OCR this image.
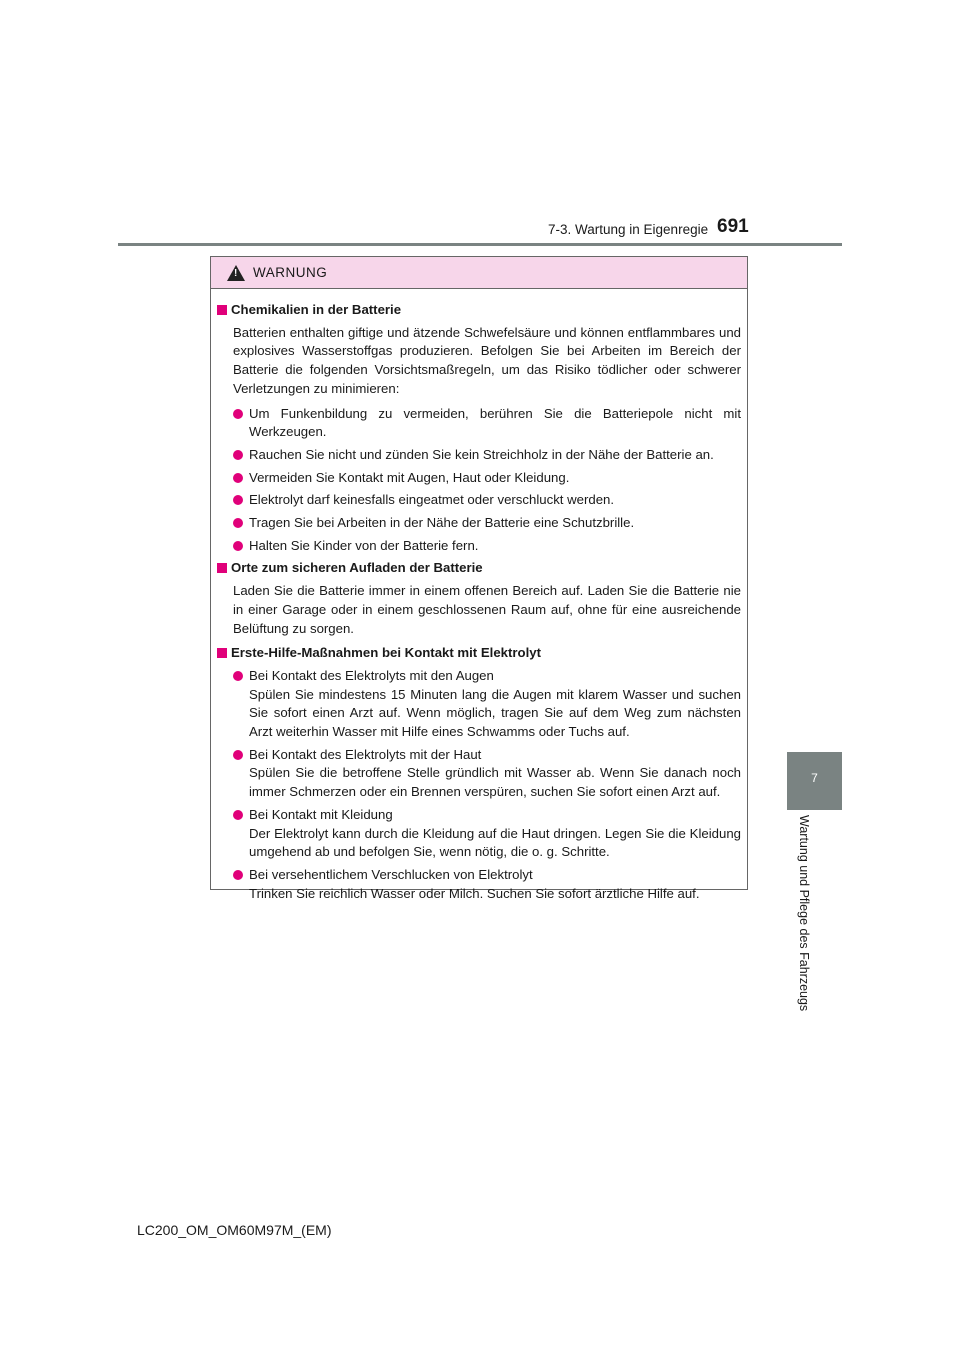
7-3. Wartung in Eigenregie 691
7
Wartung und Pflege des Fahrzeugs
! WARNUNG
Chemikalien in der Batterie
Batterien enthalten giftige und ätzende Schwefelsäure und können entflammbares und explosives Wasserstoffgas produzieren. Befolgen Sie bei Arbeiten im Bereich der Batterie die folgenden Vorsichtsmaßregeln, um das Risiko tödlicher oder schwerer Verletzungen zu minimieren:
Um Funkenbildung zu vermeiden, berühren Sie die Batteriepole nicht mit Werkzeugen.
Rauchen Sie nicht und zünden Sie kein Streichholz in der Nähe der Batterie an.
Vermeiden Sie Kontakt mit Augen, Haut oder Kleidung.
Elektrolyt darf keinesfalls eingeatmet oder verschluckt werden.
Tragen Sie bei Arbeiten in der Nähe der Batterie eine Schutzbrille.
Halten Sie Kinder von der Batterie fern.
Orte zum sicheren Aufladen der Batterie
Laden Sie die Batterie immer in einem offenen Bereich auf. Laden Sie die Batterie nie in einer Garage oder in einem geschlossenen Raum auf, ohne für eine ausreichende Belüftung zu sorgen.
Erste-Hilfe-Maßnahmen bei Kontakt mit Elektrolyt
Bei Kontakt des Elektrolyts mit den Augen
Spülen Sie mindestens 15 Minuten lang die Augen mit klarem Wasser und suchen Sie sofort einen Arzt auf. Wenn möglich, tragen Sie auf dem Weg zum nächsten Arzt weiterhin Wasser mit Hilfe eines Schwamms oder Tuchs auf.
Bei Kontakt des Elektrolyts mit der Haut
Spülen Sie die betroffene Stelle gründlich mit Wasser ab. Wenn Sie danach noch immer Schmerzen oder ein Brennen verspüren, suchen Sie sofort einen Arzt auf.
Bei Kontakt mit Kleidung
Der Elektrolyt kann durch die Kleidung auf die Haut dringen. Legen Sie die Kleidung umgehend ab und befolgen Sie, wenn nötig, die o. g. Schritte.
Bei versehentlichem Verschlucken von Elektrolyt
Trinken Sie reichlich Wasser oder Milch. Suchen Sie sofort ärztliche Hilfe auf.
LC200_OM_OM60M97M_(EM)
